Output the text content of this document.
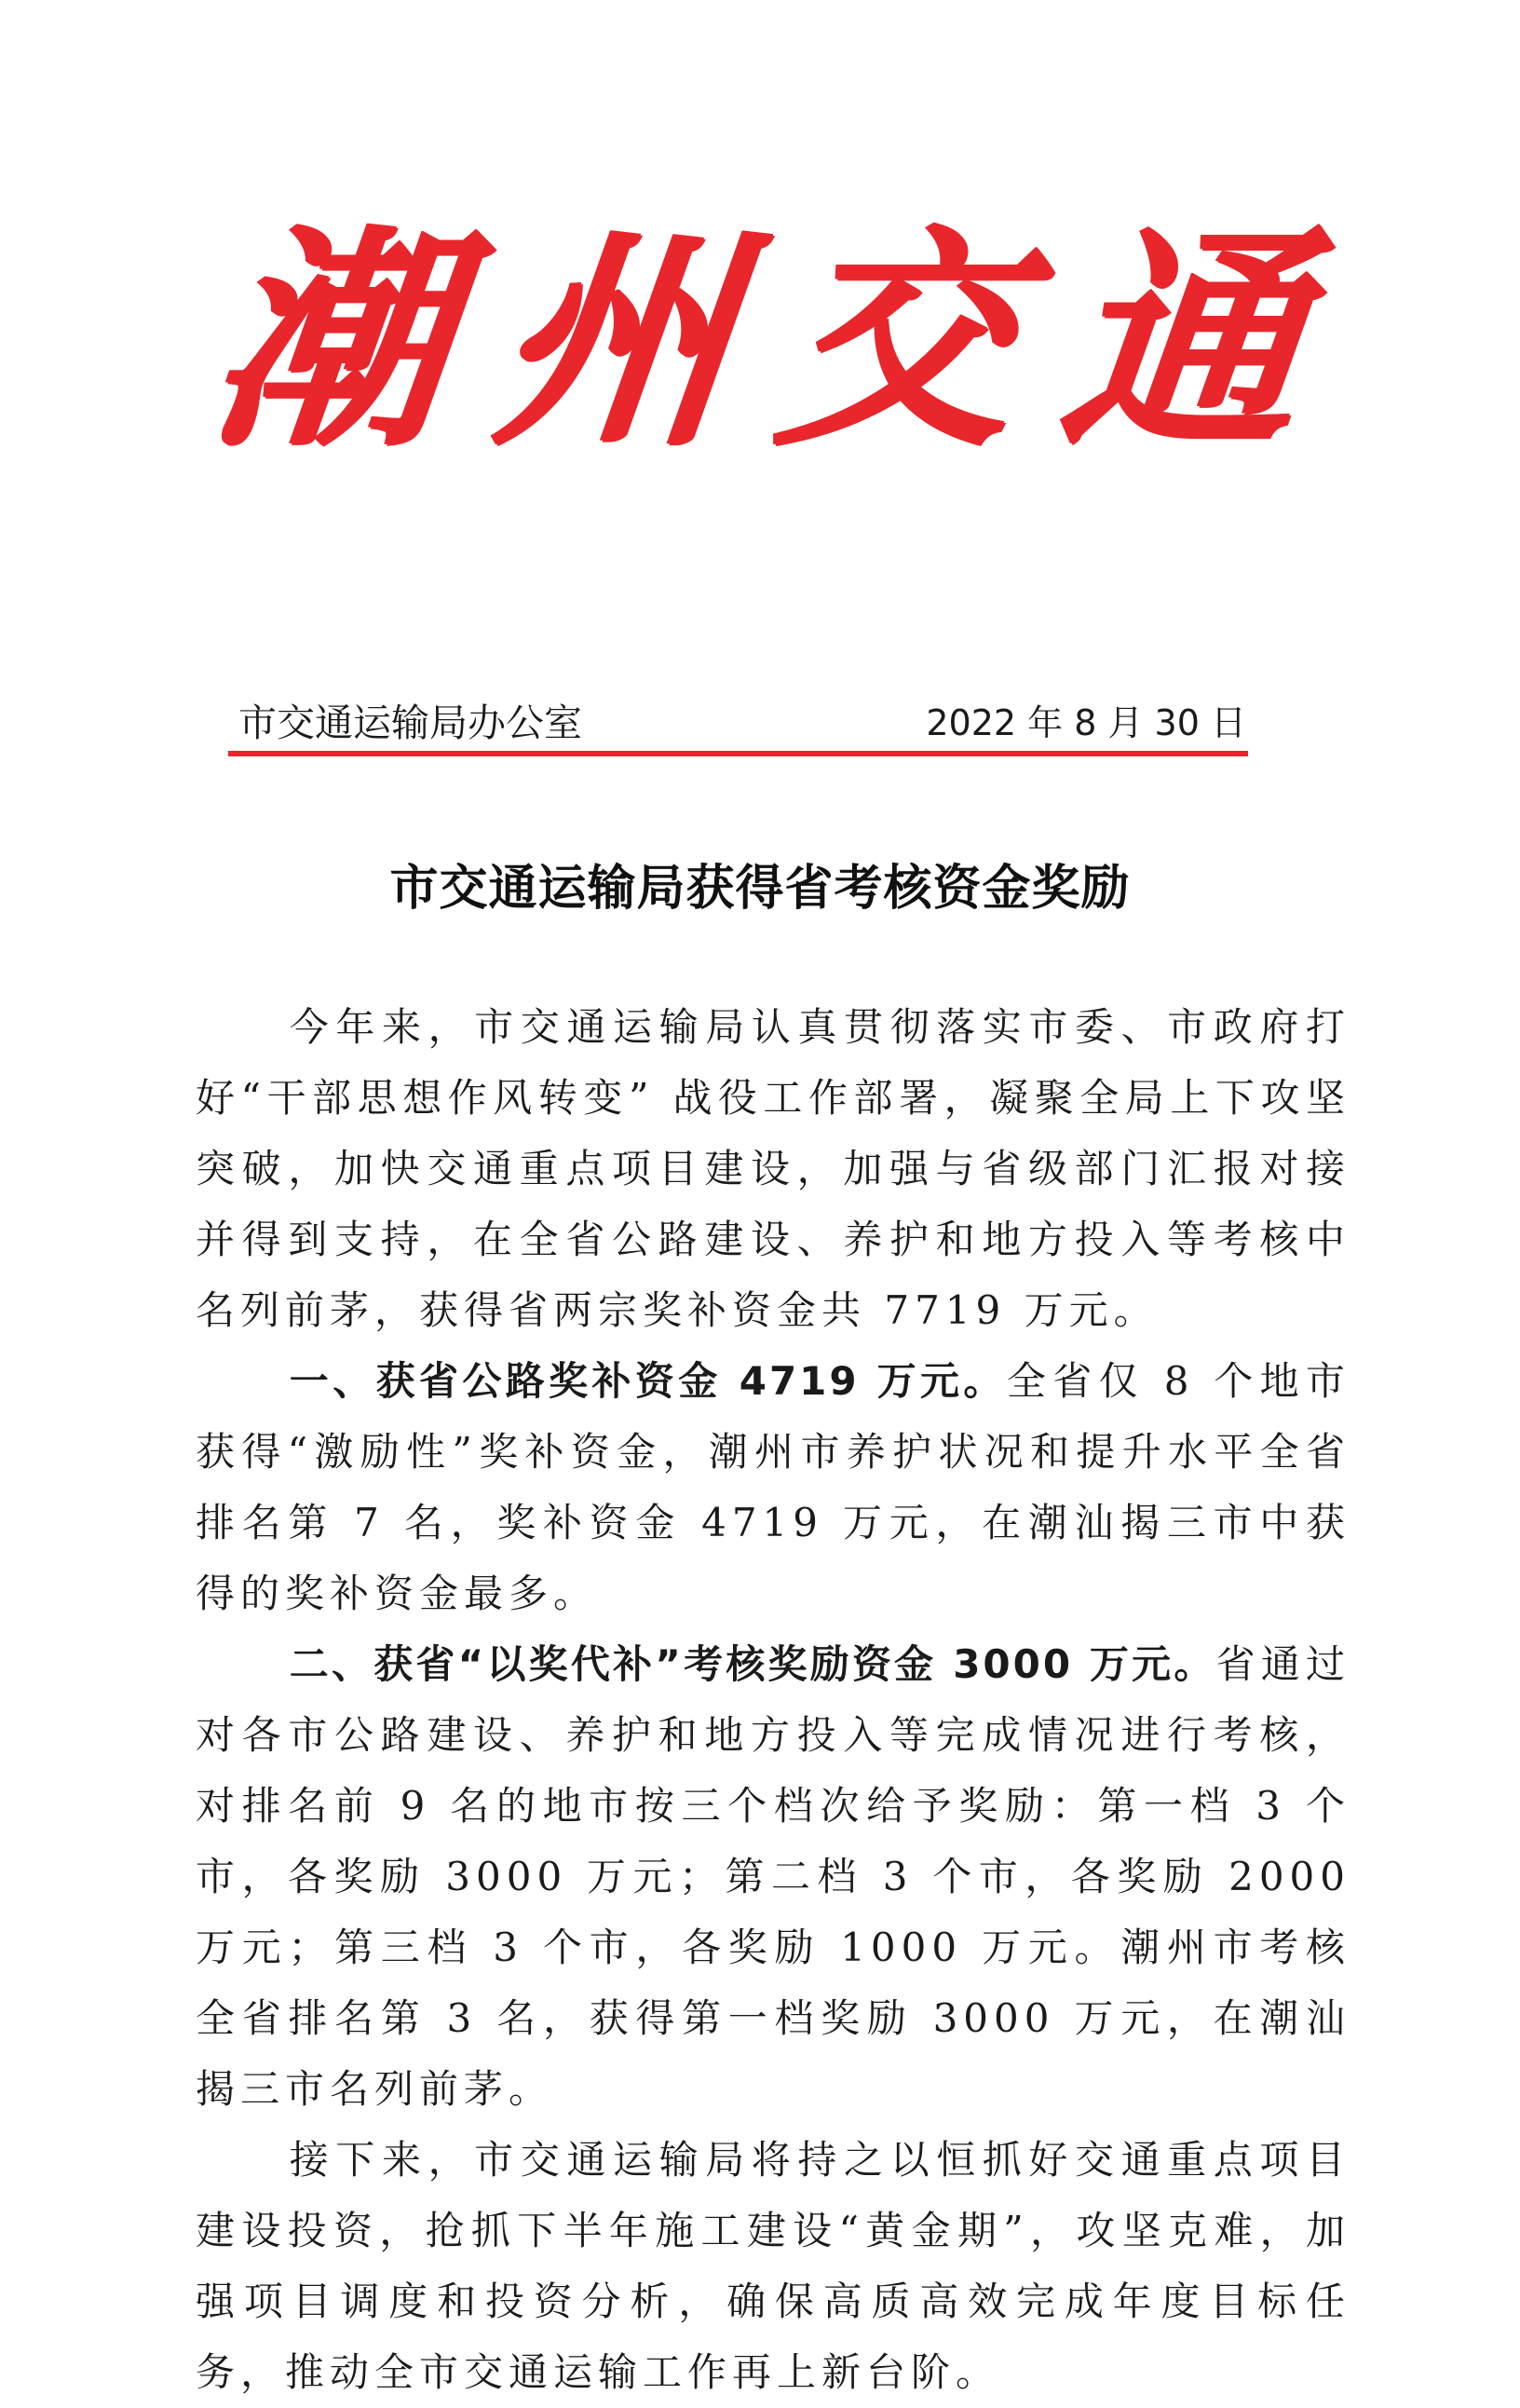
潮州交通
市交通运输局办公室	2022 年 8 月 30 日
市交通运输局获得省考核资金奖励

今年来，市交通运输局认真贯彻落实市委、市政府打好“干部思想作风转变” 战役工作部署，凝聚全局上下攻坚突破，加快交通重点项目建设，加强与省级部门汇报对接并得到支持，在全省公路建设、养护和地方投入等考核中名列前茅，获得省两宗奖补资金共 7719 万元。

一、获省公路奖补资金 4719 万元。全省仅 8 个地市获得“激励性”奖补资金，潮州市养护状况和提升水平全省排名第 7 名，奖补资金 4719 万元，在潮汕揭三市中获得的奖补资金最多。

二、获省“以奖代补”考核奖励资金 3000 万元。省通过对各市公路建设、养护和地方投入等完成情况进行考核，对排名前 9 名的地市按三个档次给予奖励：第一档 3 个市，各奖励 3000 万元；第二档 3 个市，各奖励 2000 万元；第三档 3 个市，各奖励 1000 万元。潮州市考核全省排名第 3 名，获得第一档奖励 3000 万元，在潮汕揭三市名列前茅。

接下来，市交通运输局将持之以恒抓好交通重点项目建设投资，抢抓下半年施工建设“黄金期”，攻坚克难，加强项目调度和投资分析，确保高质高效完成年度目标任务，推动全市交通运输工作再上新台阶。
